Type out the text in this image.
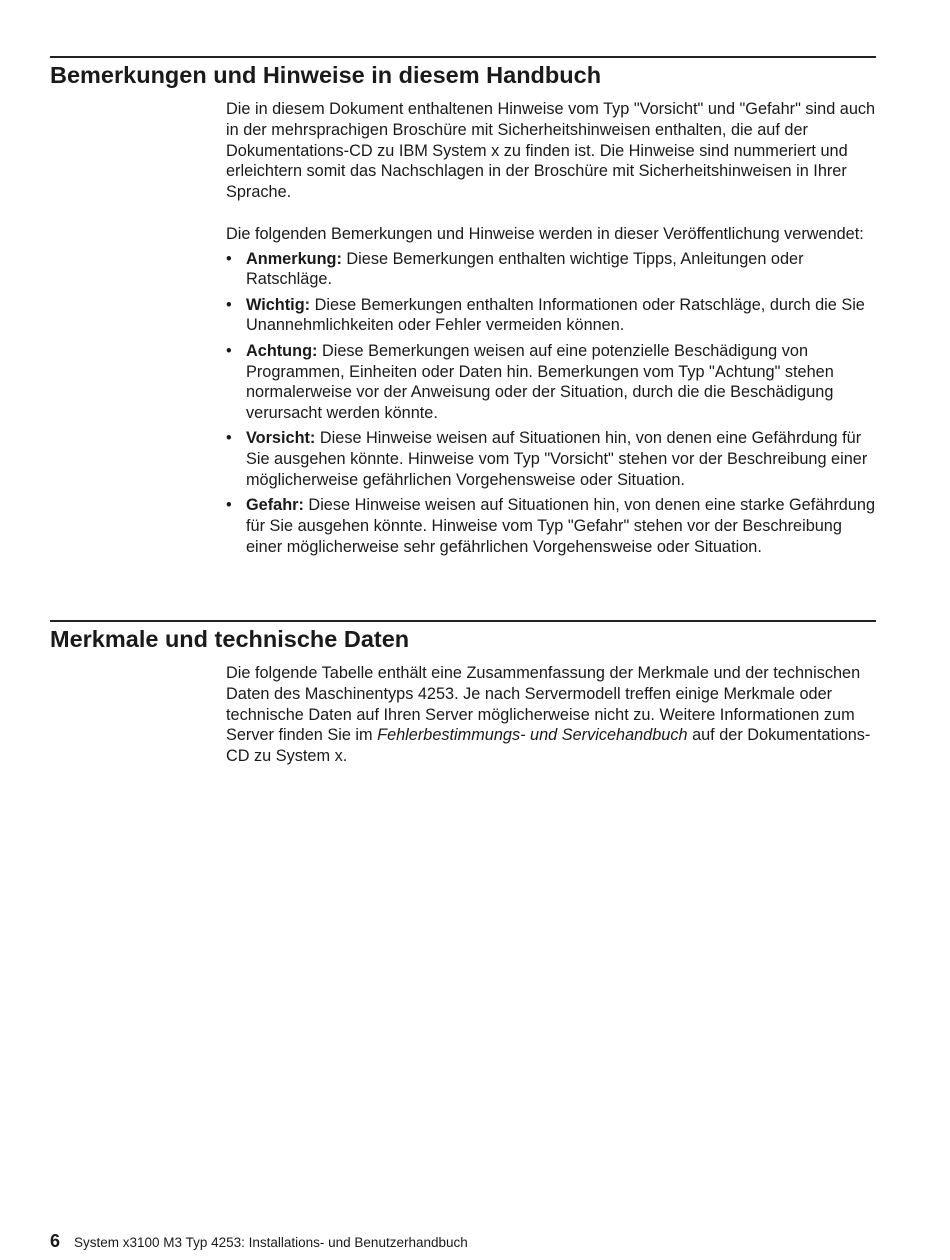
Bemerkungen und Hinweise in diesem Handbuch

Die in diesem Dokument enthaltenen Hinweise vom Typ "Vorsicht" und "Gefahr" sind auch in der mehrsprachigen Broschüre mit Sicherheitshinweisen enthalten, die auf der Dokumentations-CD zu IBM System x zu finden ist. Die Hinweise sind nummeriert und erleichtern somit das Nachschlagen in der Broschüre mit Sicherheitshinweisen in Ihrer Sprache.

Die folgenden Bemerkungen und Hinweise werden in dieser Veröffentlichung verwendet:

• Anmerkung: Diese Bemerkungen enthalten wichtige Tipps, Anleitungen oder Ratschläge.
• Wichtig: Diese Bemerkungen enthalten Informationen oder Ratschläge, durch die Sie Unannehmlichkeiten oder Fehler vermeiden können.
• Achtung: Diese Bemerkungen weisen auf eine potenzielle Beschädigung von Programmen, Einheiten oder Daten hin. Bemerkungen vom Typ "Achtung" stehen normalerweise vor der Anweisung oder der Situation, durch die die Beschädigung verursacht werden könnte.
• Vorsicht: Diese Hinweise weisen auf Situationen hin, von denen eine Gefährdung für Sie ausgehen könnte. Hinweise vom Typ "Vorsicht" stehen vor der Beschreibung einer möglicherweise gefährlichen Vorgehensweise oder Situation.
• Gefahr: Diese Hinweise weisen auf Situationen hin, von denen eine starke Gefährdung für Sie ausgehen könnte. Hinweise vom Typ "Gefahr" stehen vor der Beschreibung einer möglicherweise sehr gefährlichen Vorgehensweise oder Situation.
Merkmale und technische Daten

Die folgende Tabelle enthält eine Zusammenfassung der Merkmale und der technischen Daten des Maschinentyps 4253. Je nach Servermodell treffen einige Merkmale oder technische Daten auf Ihren Server möglicherweise nicht zu. Weitere Informationen zum Server finden Sie im Fehlerbestimmungs- und Servicehandbuch auf der Dokumentations-CD zu System x.

6 System x3100 M3 Typ 4253: Installations- und Benutzerhandbuch
